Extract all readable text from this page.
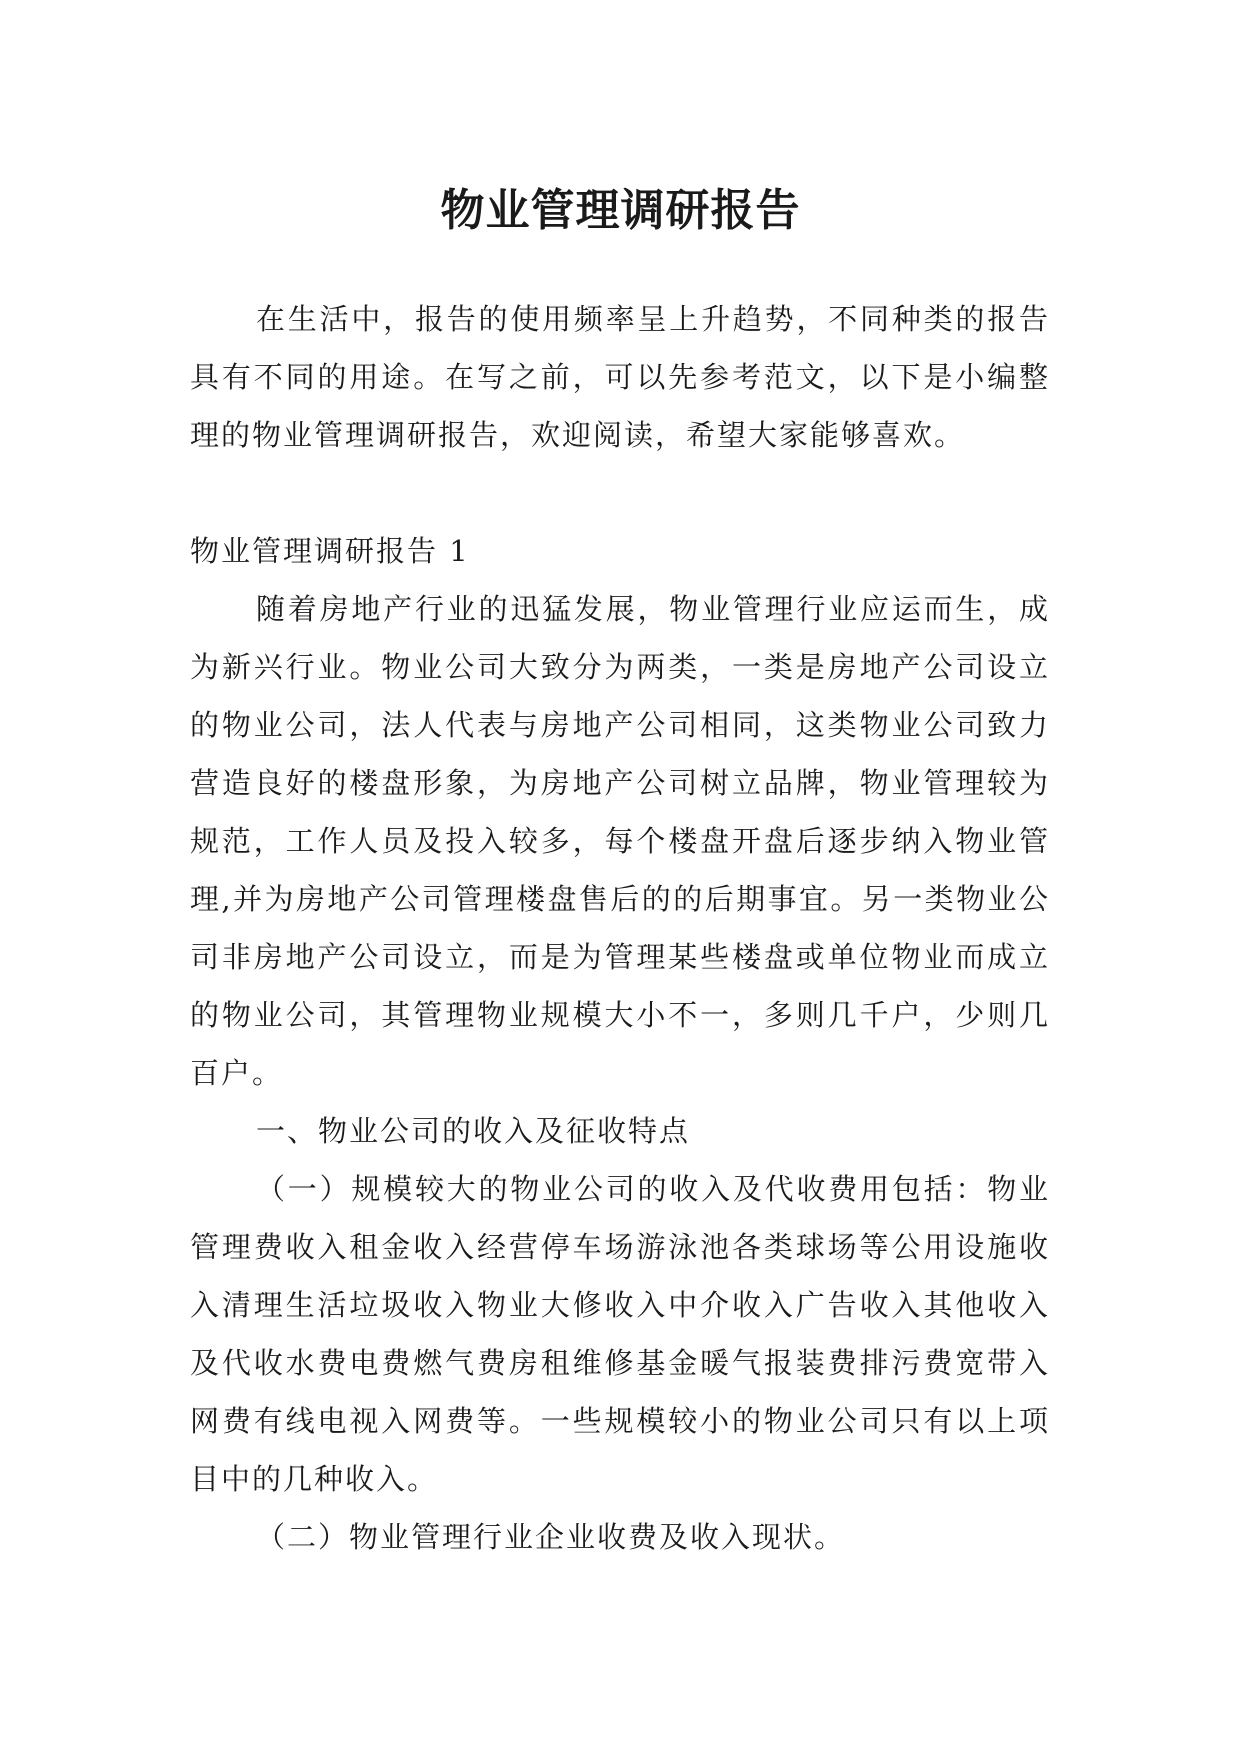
物业管理调研报告

在生活中，报告的使用频率呈上升趋势，不同种类的报告具有不同的用途。在写之前，可以先参考范文，以下是小编整理的物业管理调研报告，欢迎阅读，希望大家能够喜欢。

物业管理调研报告 1

随着房地产行业的迅猛发展，物业管理行业应运而生，成为新兴行业。物业公司大致分为两类，一类是房地产公司设立的物业公司，法人代表与房地产公司相同，这类物业公司致力营造良好的楼盘形象，为房地产公司树立品牌，物业管理较为规范，工作人员及投入较多，每个楼盘开盘后逐步纳入物业管理,并为房地产公司管理楼盘售后的的后期事宜。另一类物业公司非房地产公司设立，而是为管理某些楼盘或单位物业而成立的物业公司，其管理物业规模大小不一，多则几千户，少则几百户。

一、物业公司的收入及征收特点

（一）规模较大的物业公司的收入及代收费用包括：物业管理费收入租金收入经营停车场游泳池各类球场等公用设施收入清理生活垃圾收入物业大修收入中介收入广告收入其他收入及代收水费电费燃气费房租维修基金暖气报装费排污费宽带入网费有线电视入网费等。一些规模较小的物业公司只有以上项目中的几种收入。

（二）物业管理行业企业收费及收入现状。
